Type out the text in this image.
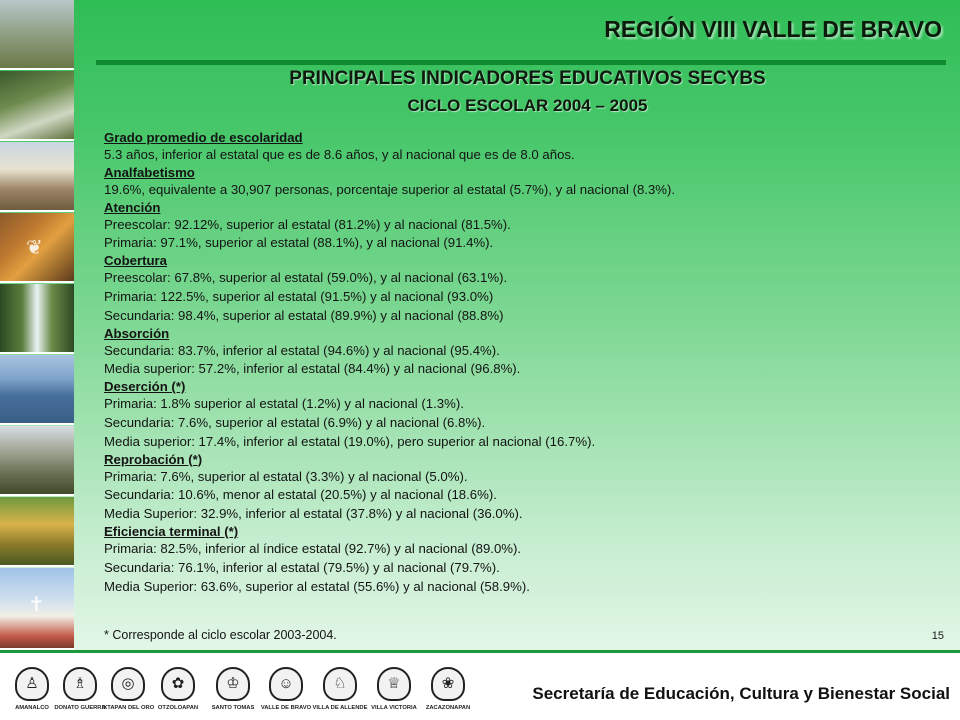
❦
✝
REGIÓN VIII VALLE DE BRAVO
PRINCIPALES INDICADORES EDUCATIVOS SECYBS
CICLO ESCOLAR 2004 – 2005
Grado promedio de escolaridad
5.3 años, inferior al estatal que es de 8.6 años, y al nacional que es de 8.0 años.
Analfabetismo
19.6%, equivalente a 30,907 personas, porcentaje superior al estatal (5.7%), y al nacional (8.3%).
Atención
Preescolar: 92.12%, superior al estatal (81.2%) y al nacional (81.5%).
Primaria: 97.1%, superior al estatal (88.1%), y al nacional (91.4%).
Cobertura
Preescolar: 67.8%, superior al estatal (59.0%), y al nacional (63.1%).
Primaria: 122.5%, superior al estatal (91.5%) y al nacional (93.0%)
Secundaria: 98.4%, superior al estatal (89.9%) y al nacional (88.8%)
Absorción
Secundaria: 83.7%, inferior al estatal (94.6%) y al nacional (95.4%).
Media superior: 57.2%, inferior al estatal (84.4%) y al nacional (96.8%).
Deserción (*)
Primaria: 1.8% superior al estatal (1.2%) y al nacional (1.3%).
Secundaria: 7.6%, superior al estatal (6.9%) y al nacional (6.8%).
Media superior: 17.4%, inferior al estatal (19.0%), pero superior al nacional (16.7%).
Reprobación (*)
Primaria: 7.6%, superior al estatal (3.3%) y al nacional (5.0%).
Secundaria: 10.6%, menor al estatal (20.5%) y al nacional (18.6%).
Media Superior: 32.9%, inferior al estatal (37.8%) y al nacional (36.0%).
Eficiencia terminal (*)
Primaria: 82.5%, inferior al índice estatal (92.7%) y al nacional (89.0%).
Secundaria: 76.1%, inferior al estatal (79.5%) y al nacional (79.7%).
Media Superior: 63.6%, superior al estatal (55.6%) y al nacional (58.9%).
* Corresponde al ciclo escolar 2003-2004.	15
♙
AMANALCO
♗
DONATO GUERRA
◎
IXTAPAN DEL ORO
✿
OTZOLOAPAN
♔
SANTO TOMAS
☺
VALLE DE BRAVO
♘
VILLA DE ALLENDE
♕
VILLA VICTORIA
❀
ZACAZONAPAN
Secretaría de Educación, Cultura y Bienestar Social
